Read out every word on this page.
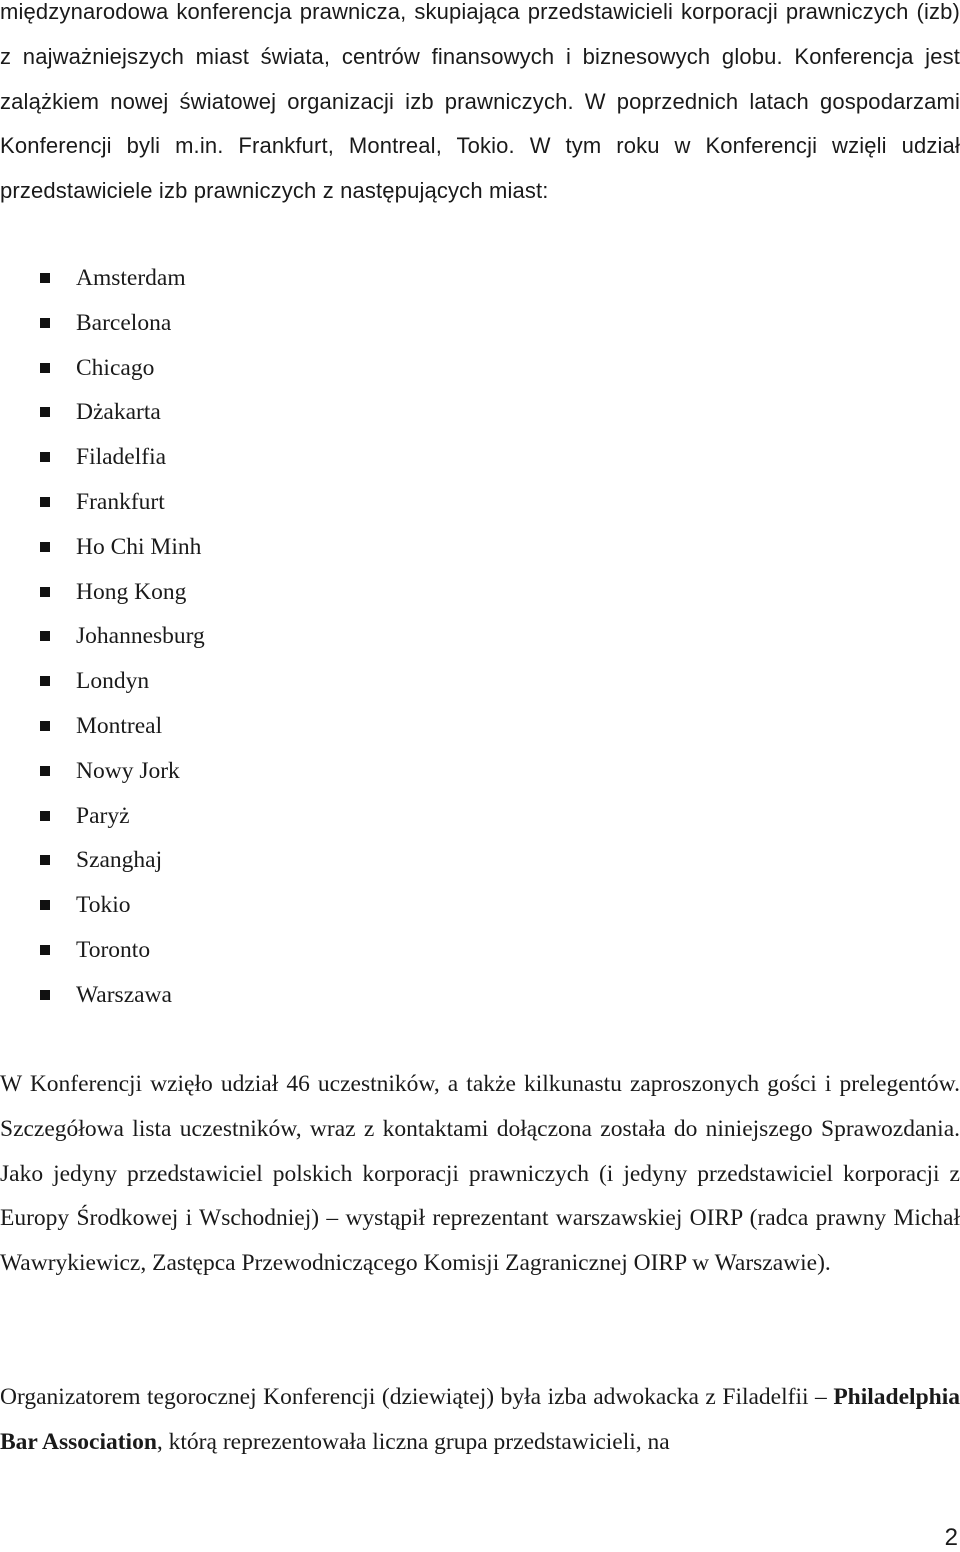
międzynarodowa konferencja prawnicza, skupiająca przedstawicieli korporacji prawniczych (izb) z najważniejszych miast świata, centrów finansowych i biznesowych globu. Konferencja jest zalążkiem nowej światowej organizacji izb prawniczych. W poprzednich latach gospodarzami Konferencji byli m.in. Frankfurt, Montreal, Tokio. W tym roku w Konferencji wzięli udział przedstawiciele izb prawniczych z następujących miast:

Amsterdam
Barcelona
Chicago
Dżakarta
Filadelfia
Frankfurt
Ho Chi Minh
Hong Kong
Johannesburg
Londyn
Montreal
Nowy Jork
Paryż
Szanghaj
Tokio
Toronto
Warszawa

W Konferencji wzięło udział 46 uczestników, a także kilkunastu zaproszonych gości i prelegentów. Szczegółowa lista uczestników, wraz z kontaktami dołączona została do niniejszego Sprawozdania. Jako jedyny przedstawiciel polskich korporacji prawniczych (i jedyny przedstawiciel korporacji z Europy Środkowej i Wschodniej) – wystąpił reprezentant warszawskiej OIRP (radca prawny Michał Wawrykiewicz, Zastępca Przewodniczącego Komisji Zagranicznej OIRP w Warszawie).

Organizatorem tegorocznej Konferencji (dziewiątej) była izba adwokacka z Filadelfii – Philadelphia Bar Association, którą reprezentowała liczna grupa przedstawicieli, na

2
